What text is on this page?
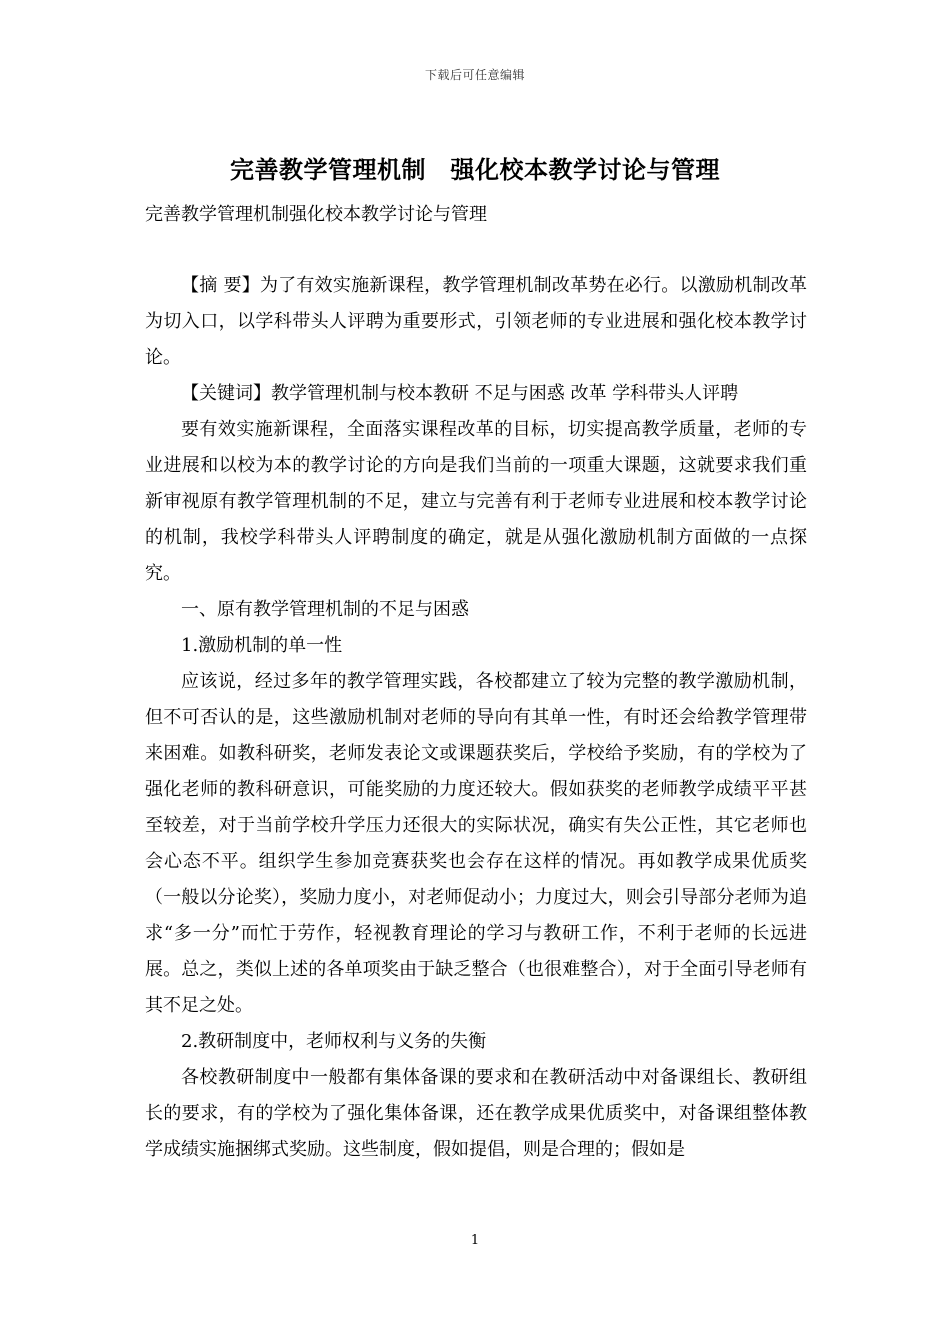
下载后可任意编辑
完善教学管理机制　强化校本教学讨论与管理
完善教学管理机制强化校本教学讨论与管理

【摘 要】为了有效实施新课程，教学管理机制改革势在必行。以激励机制改革为切入口，以学科带头人评聘为重要形式，引领老师的专业进展和强化校本教学讨论。

【关键词】教学管理机制与校本教研 不足与困惑 改革 学科带头人评聘

要有效实施新课程，全面落实课程改革的目标，切实提高教学质量，老师的专业进展和以校为本的教学讨论的方向是我们当前的一项重大课题，这就要求我们重新审视原有教学管理机制的不足，建立与完善有利于老师专业进展和校本教学讨论的机制，我校学科带头人评聘制度的确定，就是从强化激励机制方面做的一点探究。

一、原有教学管理机制的不足与困惑

1.激励机制的单一性

应该说，经过多年的教学管理实践，各校都建立了较为完整的教学激励机制，但不可否认的是，这些激励机制对老师的导向有其单一性，有时还会给教学管理带来困难。如教科研奖，老师发表论文或课题获奖后，学校给予奖励，有的学校为了强化老师的教科研意识，可能奖励的力度还较大。假如获奖的老师教学成绩平平甚至较差，对于当前学校升学压力还很大的实际状况，确实有失公正性，其它老师也会心态不平。组织学生参加竞赛获奖也会存在这样的情况。再如教学成果优质奖（一般以分论奖），奖励力度小，对老师促动小；力度过大，则会引导部分老师为追求“多一分”而忙于劳作，轻视教育理论的学习与教研工作，不利于老师的长远进展。总之，类似上述的各单项奖由于缺乏整合（也很难整合），对于全面引导老师有其不足之处。

2.教研制度中，老师权利与义务的失衡

各校教研制度中一般都有集体备课的要求和在教研活动中对备课组长、教研组长的要求，有的学校为了强化集体备课，还在教学成果优质奖中，对备课组整体教学成绩实施捆绑式奖励。这些制度，假如提倡，则是合理的；假如是

1
